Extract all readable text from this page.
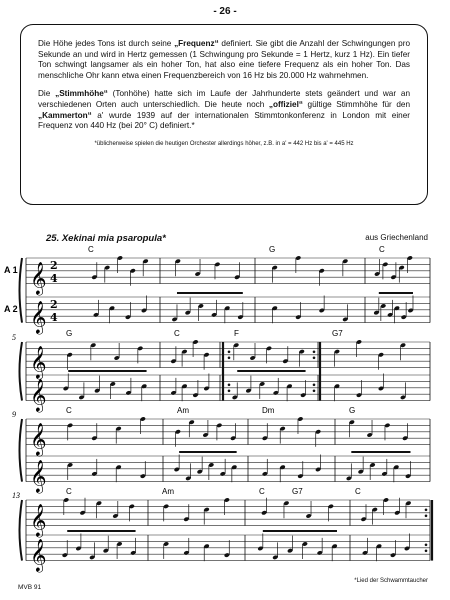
- 26 -

Die Höhe jedes Tons ist durch seine „Frequenz“ definiert. Sie gibt die Anzahl der Schwingungen pro Sekunde an und wird in Hertz gemessen (1 Schwingung pro Sekunde = 1 Hertz, kurz 1 Hz). Ein tiefer Ton schwingt langsamer als ein hoher Ton, hat also eine tiefere Frequenz als ein hoher Ton. Das menschliche Ohr kann etwa einen Frequenzbereich von 16 Hz bis 20.000 Hz wahrnehmen.

Die „Stimmhöhe“ (Tonhöhe) hatte sich im Laufe der Jahrhunderte stets geändert und war an verschiedenen Orten auch unterschiedlich. Die heute noch „offiziel“ gültige Stimmhöhe für den „Kammerton“ a' wurde 1939 auf der internationalen Stimmtonkonferenz in London mit einer Frequenz von 440 Hz (bei 20° C) definiert.*

*üblicherweise spielen die heutigen Orchester allerdings höher, z.B. in a' = 442 Hz bis a' = 445 Hz

25. Xekinai mia psaropula*	aus Griechenland
𝄞 2
4
𝄞 2
4
C	G	C
𝄞
𝄞
G	C	F	G7
5
𝄞
𝄞
C	Am	Dm	G
9
𝄞
𝄞
C	Am	C	G7	C
13
A 1
A 2
MVB 91
*Lied der Schwammtaucher
